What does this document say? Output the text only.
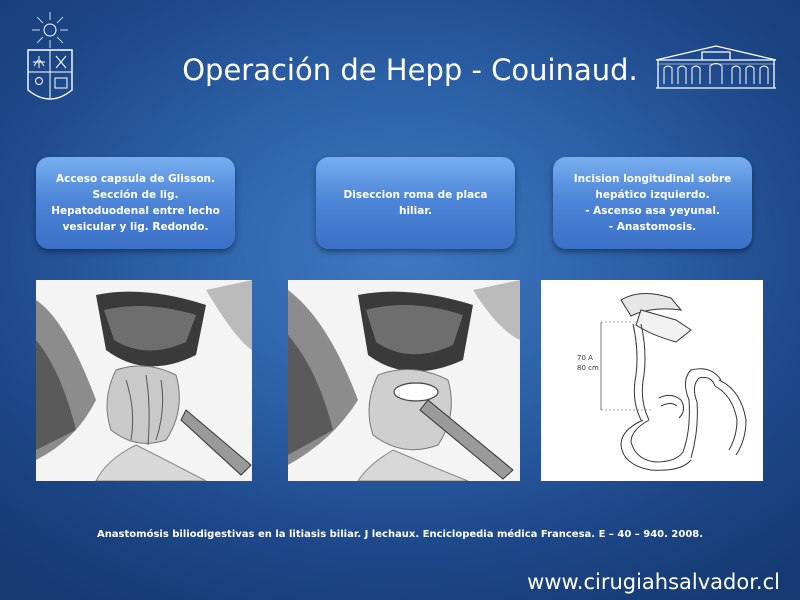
Operación de Hepp - Couinaud.

Acceso capsula de Glisson. Sección de lig. Hepatoduodenal entre lecho vesicular y lig. Redondo.

Diseccion roma de placa hiliar.

Incision longitudinal sobre hepático izquierdo.

- Ascenso asa yeyunal.

- Anastomosis.

70 A
80 cm
Anastomósis biliodigestivas en la litiasis biliar. J lechaux. Enciclopedia médica Francesa. E – 40 – 940. 2008.
www.cirugiahsalvador.cl
